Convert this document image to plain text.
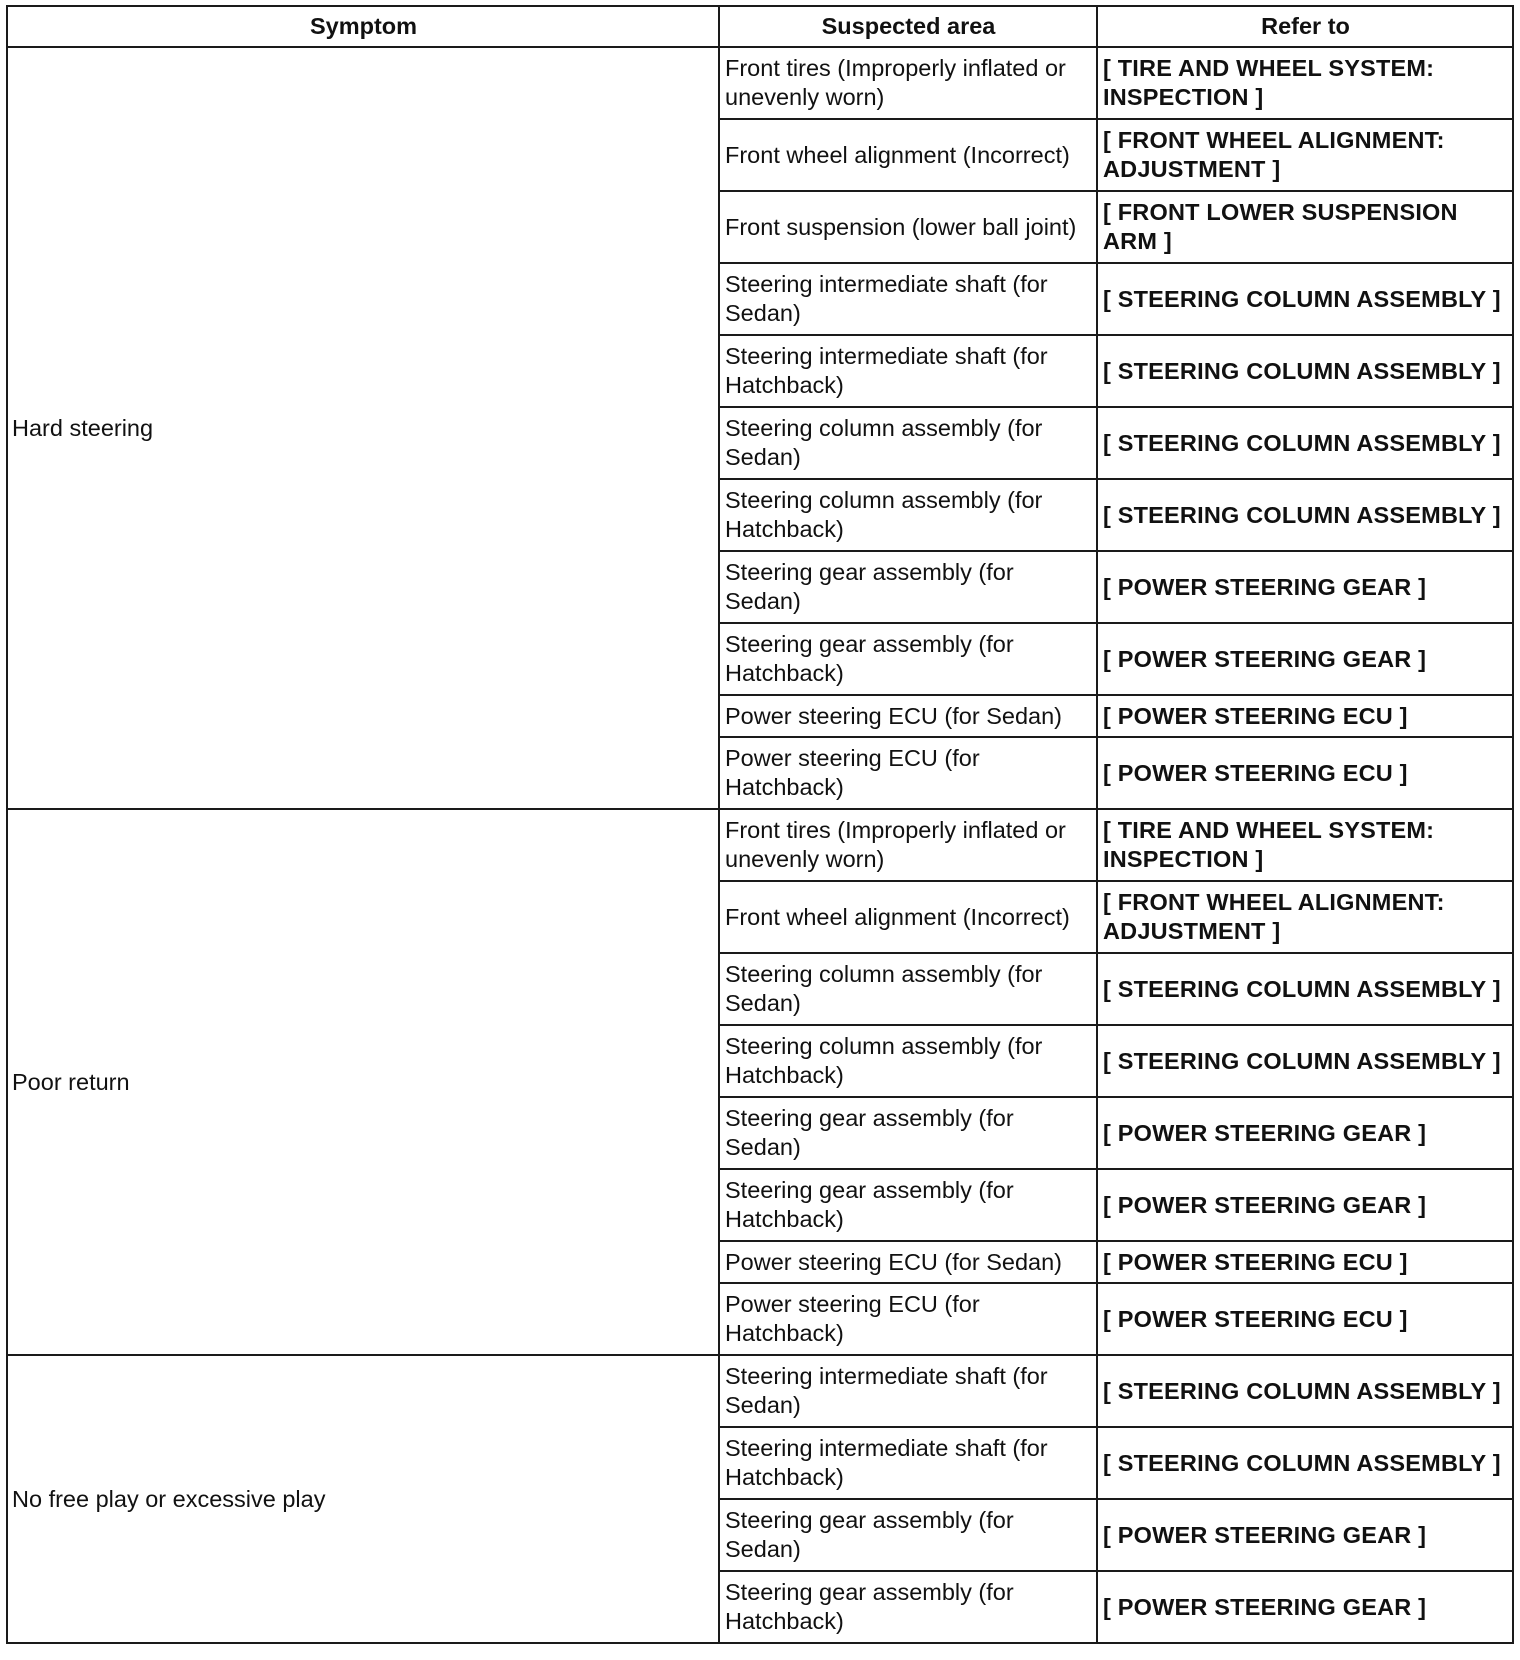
Symptom	Suspected area	Refer to
Hard steering	Front tires (Improperly inflated or unevenly worn)	[ TIRE AND WHEEL SYSTEM: INSPECTION ]
	Front wheel alignment (Incorrect)	[ FRONT WHEEL ALIGNMENT: ADJUSTMENT ]
	Front suspension (lower ball joint)	[ FRONT LOWER SUSPENSION ARM ]
	Steering intermediate shaft (for Sedan)	[ STEERING COLUMN ASSEMBLY ]
	Steering intermediate shaft (for Hatchback)	[ STEERING COLUMN ASSEMBLY ]
	Steering column assembly (for Sedan)	[ STEERING COLUMN ASSEMBLY ]
	Steering column assembly (for Hatchback)	[ STEERING COLUMN ASSEMBLY ]
	Steering gear assembly (for Sedan)	[ POWER STEERING GEAR ]
	Steering gear assembly (for Hatchback)	[ POWER STEERING GEAR ]
	Power steering ECU (for Sedan)	[ POWER STEERING ECU ]
	Power steering ECU (for Hatchback)	[ POWER STEERING ECU ]
Poor return	Front tires (Improperly inflated or unevenly worn)	[ TIRE AND WHEEL SYSTEM: INSPECTION ]
	Front wheel alignment (Incorrect)	[ FRONT WHEEL ALIGNMENT: ADJUSTMENT ]
	Steering column assembly (for Sedan)	[ STEERING COLUMN ASSEMBLY ]
	Steering column assembly (for Hatchback)	[ STEERING COLUMN ASSEMBLY ]
	Steering gear assembly (for Sedan)	[ POWER STEERING GEAR ]
	Steering gear assembly (for Hatchback)	[ POWER STEERING GEAR ]
	Power steering ECU (for Sedan)	[ POWER STEERING ECU ]
	Power steering ECU (for Hatchback)	[ POWER STEERING ECU ]
No free play or excessive play	Steering intermediate shaft (for Sedan)	[ STEERING COLUMN ASSEMBLY ]
	Steering intermediate shaft (for Hatchback)	[ STEERING COLUMN ASSEMBLY ]
	Steering gear assembly (for Sedan)	[ POWER STEERING GEAR ]
	Steering gear assembly (for Hatchback)	[ POWER STEERING GEAR ]
